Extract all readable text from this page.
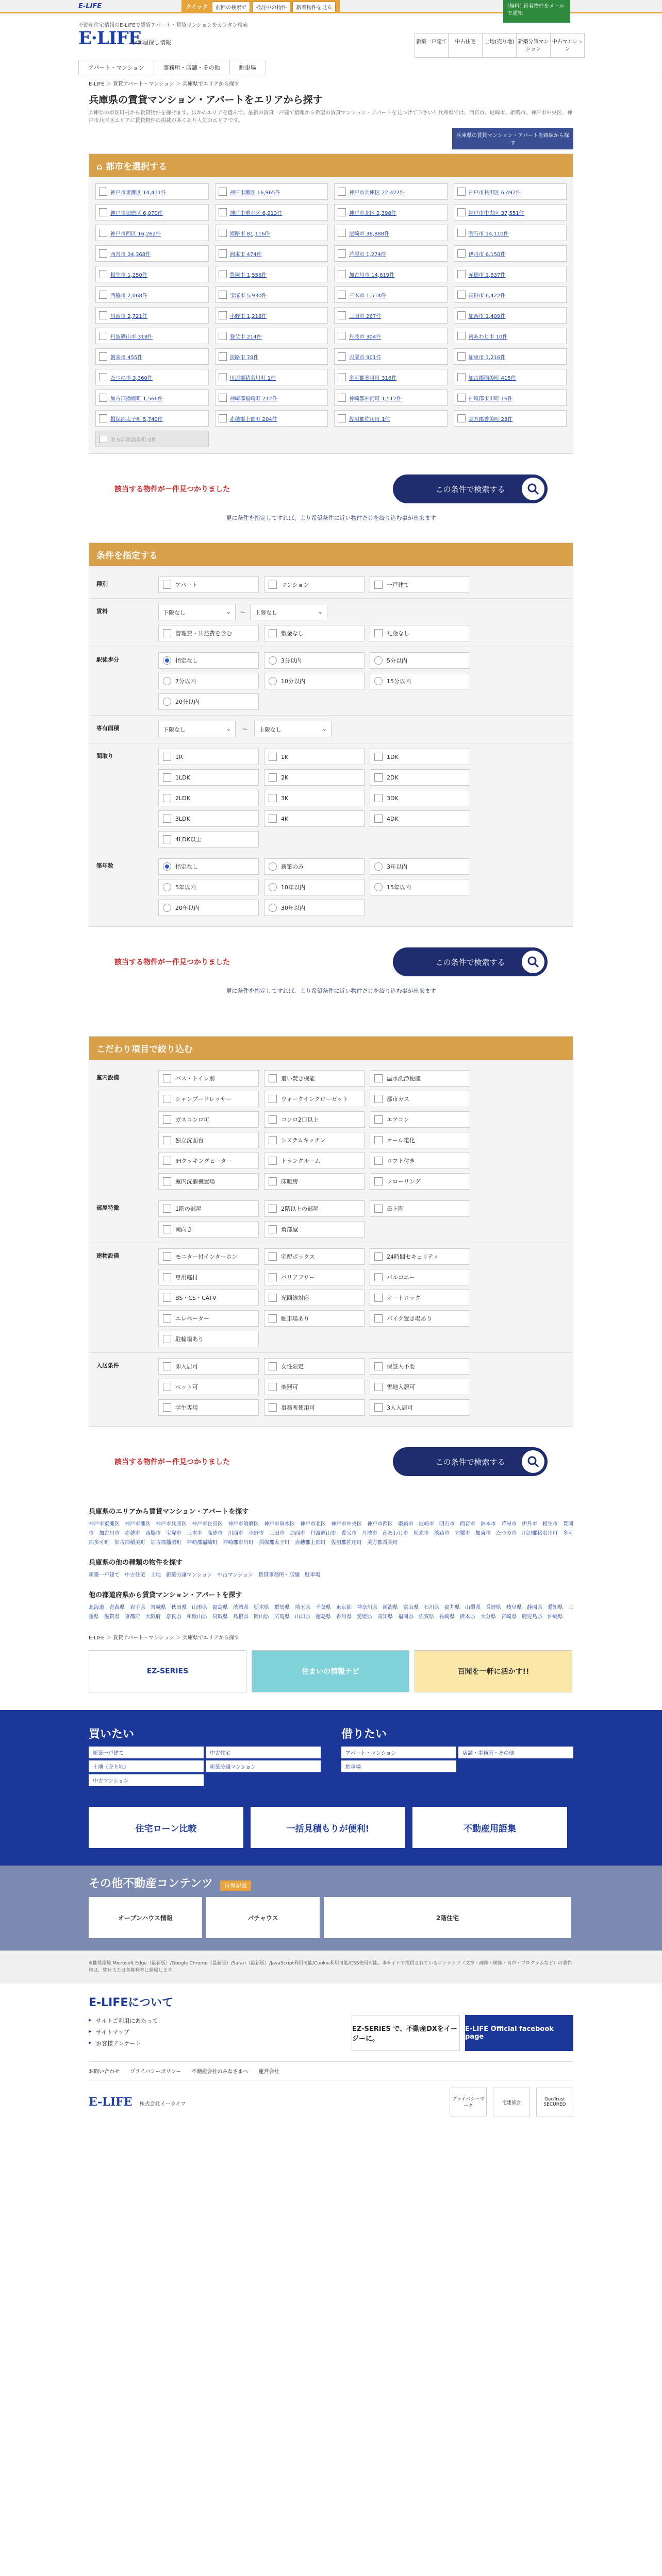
E-LIFE	クイック	前回の検索で	検討中の物件	新着物件を見る	[無料] 新着物件をメールで通知
不動産住宅情報のE-LIFEで賃貸アパート・賃貸マンションをカンタン検索
E·LIFE
お部屋探し情報	新築一戸建て	中古住宅	土地(売り地) 新築分譲マンション
中古マンション
アパート・マンション	事務所・店舗・その他	駐車場
E-LIFE ＞ 賃貸アパート・マンション ＞ 兵庫県でエリアから探す
兵庫県の賃貸マンション・アパートをエリアから探す

兵庫県の市区町村から賃貸物件を探せます。ほかのエリアを選んで、最新の賃貸一戸建て情報から希望の賃貸マンション・アパートを見つけて下さい！兵庫県では、西宮市、尼崎市、姫路市、神戸市中央区、神戸市兵庫区エリアに賃貸物件の掲載が多くあり人気のエリアです。

兵庫県の賃貸マンション・アパートを路線から探す
⌂ 都市を選択する
神戸市東灘区 14,411件	神戸市灘区 16,965件	神戸市兵庫区 22,422件	神戸市長田区 6,492件
神戸市須磨区 6,970件	神戸市垂水区 6,913件	神戸市北区 2,398件	神戸市中央区 37,551件
神戸市西区 16,262件	姫路市 81,116件	尼崎市 36,888件	明石市 14,110件
西宮市 34,368件	洲本市 474件	芦屋市 1,274件	伊丹市 6,150件
相生市 1,250件	豊岡市 1,556件	加古川市 14,619件	赤穂市 1,837件
西脇市 2,068件	宝塚市 5,930件	三木市 1,514件	高砂市 6,422件
川西市 2,721件	小野市 1,218件	三田市 267件	加西市 1,409件
丹波篠山市 318件	養父市 214件	丹波市 304件	南あわじ市 10件
朝来市 455件	淡路市 78件	宍粟市 901件	加東市 1,216件
たつの市 3,360件	川辺郡猪名川町 1件	多可郡多可町 316件	加古郡稲美町 415件
加古郡播磨町 1,566件	神崎郡福崎町 212件	神崎郡神河町 1,512件	神崎郡市川町 16件
揖保郡太子町 5,740件	赤穂郡上郡町 204件	佐用郡佐用町 1件	美方郡香美町 28件
美方郡新温泉町 0件
該当する物件が－件見つかりました	この条件で検索する
更に条件を指定してすれば、より希望条件に近い物件だけを絞り込む事が出来ます
条件を指定する
種別	アパート	マンション	一戸建て
賃料	下限なし	⌄ 〜 上限なし	⌄
管理費・共益費を含む	敷金なし	礼金なし
駅徒歩分	指定なし	3分以内	5分以内
7分以内	10分以内	15分以内
20分以内
専有面積	下限なし	⌄ 〜 上限なし	⌄
間取り	1R	1K	1DK
1LDK	2K	2DK
2LDK	3K	3DK
3LDK	4K	4DK
4LDK以上
築年数	指定なし	新築のみ	3年以内
5年以内	10年以内	15年以内
20年以内	30年以内
該当する物件が－件見つかりました	この条件で検索する
更に条件を指定してすれば、より希望条件に近い物件だけを絞り込む事が出来ます
こだわり項目で絞り込む
室内設備	バス・トイレ別	追い焚き機能	温水洗浄便座
シャンプードレッサー	ウォークインクローゼット	都市ガス
ガスコンロ可	コンロ2口以上	エアコン
独立洗面台	システムキッチン	オール電化
IHクッキングヒーター	トランクルーム	ロフト付き
室内洗濯機置場	床暖房	フローリング
部屋特徴	1階の部屋	2階以上の部屋	最上階
南向き	角部屋
建物設備	モニター付インターホン	宅配ボックス	24時間セキュリティ
専用庭付	バリアフリー	バルコニー
BS・CS・CATV	光回線対応	オートロック
エレベーター	駐車場あり	バイク置き場あり
駐輪場あり
入居条件	即入居可	女性限定	保証人不要
ペット可	楽器可	雪地入居可
学生専用	事務所使用可	3人入居可
該当する物件が－件見つかりました	この条件で検索する
兵庫県のエリアから賃貸マンション・アパートを探す
神戸市東灘区 神戸市灘区 神戸市兵庫区 神戸市長田区 神戸市須磨区 神戸市垂水区 神戸市北区 神戸市中央区 神戸市西区 姫路市 尼崎市 明石市 西宮市 洲本市 芦屋市 伊丹市 相生市 豊岡市 加古川市 赤穂市 西脇市 宝塚市 三木市 高砂市 川西市 小野市 三田市 加西市 丹波篠山市 養父市 丹波市 南あわじ市 朝来市 淡路市 宍粟市 加東市 たつの市 川辺郡猪名川町 多可郡多可町 加古郡稲美町 加古郡播磨町 神崎郡福崎町 神崎郡市川町 揖保郡太子町 赤穂郡上郡町 佐用郡佐用町 美方郡香美町
兵庫県の他の種類の物件を探す
新築一戸建て 中古住宅 土地 新築分譲マンション 中古マンション 賃貸事務所・店舗 駐車場
他の都道府県から賃貸マンション・アパートを探す
北海道 青森県 岩手県 宮城県 秋田県 山形県 福島県 茨城県 栃木県 群馬県 埼玉県 千葉県 東京都 神奈川県 新潟県 富山県 石川県 福井県 山梨県 長野県 岐阜県 静岡県 愛知県 三重県 滋賀県 京都府 大阪府 奈良県 和歌山県 鳥取県 島根県 岡山県 広島県 山口県 徳島県 香川県 愛媛県 高知県 福岡県 佐賀県 長崎県 熊本県 大分県 宮崎県 鹿児島県 沖縄県
E-LIFE ＞ 賃貸アパート・マンション ＞ 兵庫県でエリアから探す
EZ-SERIES	住まいの情報ナビ	百聞を一軒に活かす!!
買いたい
新築一戸建て	中古住宅
土地（売り地）	新築分譲マンション
中古マンション
借りたい
アパート・マンション	店舗・事務所・その他
駐車場
住宅ローン比較	一括見積もりが便利!	不動産用語集
その他不動産コンテンツ 自慢記載
オープンハウス情報	パチャウス	2階住宅
※推奨環境 Microsoft Edge（最新版）/Google Chrome（最新版）/Safari（最新版）/JavaScript利用可能/Cookie利用可能/CSS使用可能。本サイトで提供されているコンテンツ（文章・画像・映像・音声・プログラムなど）の著作権は、弊社または各権利者に帰属します。
E-LIFEについて
▸ サイトご利用にあたって
▸ サイトマップ
▸ お客様アンケート
EZ-SERIES で、不動産DXをイージーに。
E-LIFE Official facebook page
お問い合わせ プライバシーポリシー 不動産会社のみなさまへ 運営会社
E-LIFE 株式会社イーライフ
プライバシーマーク
宅建協会
GeoTrust SECURED
